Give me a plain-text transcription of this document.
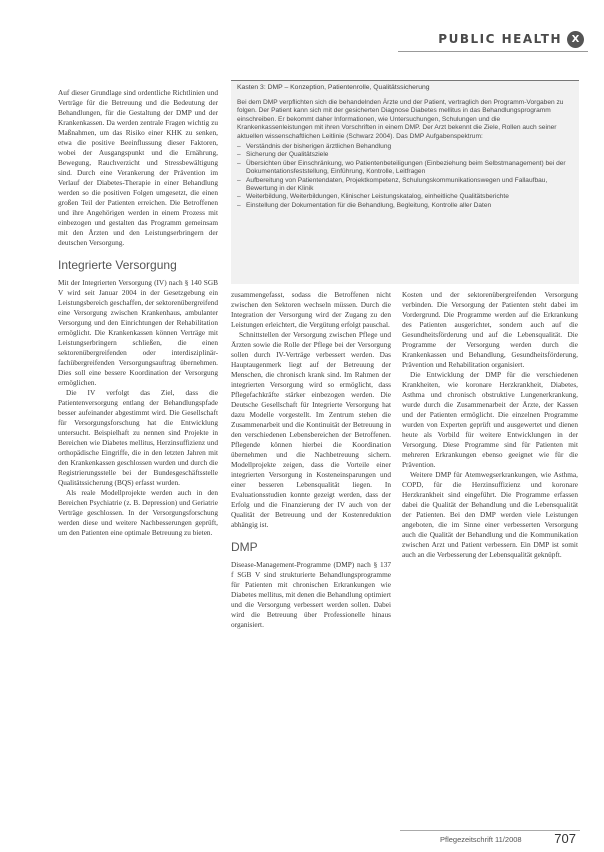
PUBLIC HEALTH X

Auf dieser Grundlage sind ordentliche Richtlinien und Verträge für die Betreuung und die Bedeutung der Behandlungen, für die Gestaltung der DMP und der Krankenkassen. Da werden zentrale Fragen wichtig zu Maßnahmen, um das Risiko einer KHK zu senken, etwa die positive Beeinflussung dieser Faktoren, wobei der Ausgangspunkt und die Ernährung, Bewegung, Rauchverzicht und Stressbewältigung sind. Durch eine Verankerung der Prävention im Verlauf der Diabetes-Therapie in einer Behandlung werden so die positiven Folgen umgesetzt, die einen großen Teil der Patienten erreichen. Die Betroffenen und ihre Angehörigen werden in einem Prozess mit einbezogen und gestalten das Programm gemeinsam mit den Ärzten und den Leistungserbringern der deutschen Versorgung.

Integrierte Versorgung

Mit der Integrierten Versorgung (IV) nach § 140 SGB V wird seit Januar 2004 in der Gesetzgebung ein Leistungsbereich geschaffen, der sektorenübergreifend eine Versorgung zwischen Krankenhaus, ambulanter Versorgung und den Einrichtungen der Rehabilitation ermöglicht. Die Krankenkassen können Verträge mit Leistungserbringern schließen, die einen sektorenübergreifenden oder interdisziplinär-fachübergreifenden Versorgungsauftrag übernehmen. Dies soll eine bessere Koordination der Versorgung ermöglichen.

Die IV verfolgt das Ziel, dass die Patientenversorgung entlang der Behandlungspfade besser aufeinander abgestimmt wird. Die Gesellschaft für Versorgungsforschung hat die Entwicklung untersucht. Beispielhaft zu nennen sind Projekte in Bereichen wie Diabetes mellitus, Herzinsuffizienz und orthopädische Eingriffe, die in den letzten Jahren mit den Krankenkassen geschlossen wurden und durch die Registrierungsstelle bei der Bundesgeschäftsstelle Qualitätssicherung (BQS) erfasst wurden.

Als reale Modellprojekte werden auch in den Bereichen Psychiatrie (z. B. Depression) und Geriatrie Verträge geschlossen. In der Versorgungsforschung werden diese und weitere Nachbesserungen geprüft, um den Patienten eine optimale Betreuung zu bieten.

Kasten 3: DMP – Konzeption, Patientenrolle, Qualitätssicherung
Bei dem DMP verpflichten sich die behandelnden Ärzte und der Patient, vertraglich den Programm-Vorgaben zu folgen. Der Patient kann sich mit der gesicherten Diagnose Diabetes mellitus in das Behandlungsprogramm einschreiben. Er bekommt daher Informationen, wie Untersuchungen, Schulungen und die Krankenkassenleistungen mit ihren Vorschriften in einem DMP. Der Arzt bekennt die Ziele, Rollen auch seiner aktuellen wissenschaftlichen Leitlinie (Schwarz 2004). Das DMP Aufgabenspektrum:
– Verständnis der bisherigen ärztlichen Behandlung
– Sicherung der Qualitätsziele
– Übersichten über Einschränkung, wo Patientenbeteiligungen (Einbeziehung beim Selbstmanagement) bei der Dokumentationsfeststellung, Einführung, Kontrolle, Leitfragen
– Aufbereitung von Patientendaten, Projektkompetenz, Schulungskommunikationswegen und Fallaufbau, Bewertung in der Klinik
– Weiterbildung, Weiterbildungen, Klinischer Leistungskatalog, einheitliche Qualitätsberichte
– Einstellung der Dokumentation für die Behandlung, Begleitung, Kontrolle aller Daten

zusammengefasst, sodass die Betroffenen nicht zwischen den Sektoren wechseln müssen. Durch die Integration der Versorgung wird der Zugang zu den Leistungen erleichtert, die Vergütung erfolgt pauschal.

Schnittstellen der Versorgung zwischen Pflege und Ärzten sowie die Rolle der Pflege bei der Versorgung sollen durch IV-Verträge verbessert werden. Das Hauptaugenmerk liegt auf der Betreuung der Menschen, die chronisch krank sind. Im Rahmen der integrierten Versorgung wird so ermöglicht, dass Pflegefachkräfte stärker einbezogen werden. Die Deutsche Gesellschaft für Integrierte Versorgung hat dazu Modelle vorgestellt. Im Zentrum stehen die Zusammenarbeit und die Kontinuität der Betreuung in den verschiedenen Lebensbereichen der Betroffenen. Pflegende können hierbei die Koordination übernehmen und die Nachbetreuung sichern. Modellprojekte zeigen, dass die Vorteile einer integrierten Versorgung in Kosteneinsparungen und einer besseren Lebensqualität liegen. In Evaluationsstudien konnte gezeigt werden, dass der Erfolg und die Finanzierung der IV auch von der Qualität der Betreuung und der Kostenreduktion abhängig ist.

DMP

Disease-Management-Programme (DMP) nach § 137 f SGB V sind strukturierte Behandlungsprogramme für Patienten mit chronischen Erkrankungen wie Diabetes mellitus, mit denen die Behandlung optimiert und die Versorgung verbessert werden sollen. Dabei wird die Betreuung über Professionelle hinaus organisiert.

Kosten und der sektorenübergreifenden Versorgung verbinden. Die Versorgung der Patienten steht dabei im Vordergrund. Die Programme werden auf die Erkrankung des Patienten ausgerichtet, sondern auch auf die Gesundheitsförderung und auf die Lebensqualität. Die Programme der Versorgung werden durch die Krankenkassen und Behandlung, Gesundheitsförderung, Prävention und Rehabilitation organisiert.

Die Entwicklung der DMP für die verschiedenen Krankheiten, wie koronare Herzkrankheit, Diabetes, Asthma und chronisch obstruktive Lungenerkrankung, wurde durch die Zusammenarbeit der Ärzte, der Kassen und der Patienten ermöglicht. Die einzelnen Programme wurden von Experten geprüft und ausgewertet und dienen heute als Vorbild für weitere Entwicklungen in der Versorgung. Diese Programme sind für Patienten mit mehreren Erkrankungen ebenso geeignet wie für die Prävention.

Weitere DMP für Atemwegserkrankungen, wie Asthma, COPD, für die Herzinsuffizienz und koronare Herzkrankheit sind eingeführt. Die Programme erfassen dabei die Qualität der Behandlung und die Lebensqualität der Patienten. Bei den DMP werden viele Leistungen angeboten, die im Sinne einer verbesserten Versorgung auch die Qualität der Behandlung und die Kommunikation zwischen Arzt und Patient verbessern. Ein DMP ist somit auch an die Verbesserung der Lebensqualität geknüpft.

Pflegezeitschrift 11/2008	707
